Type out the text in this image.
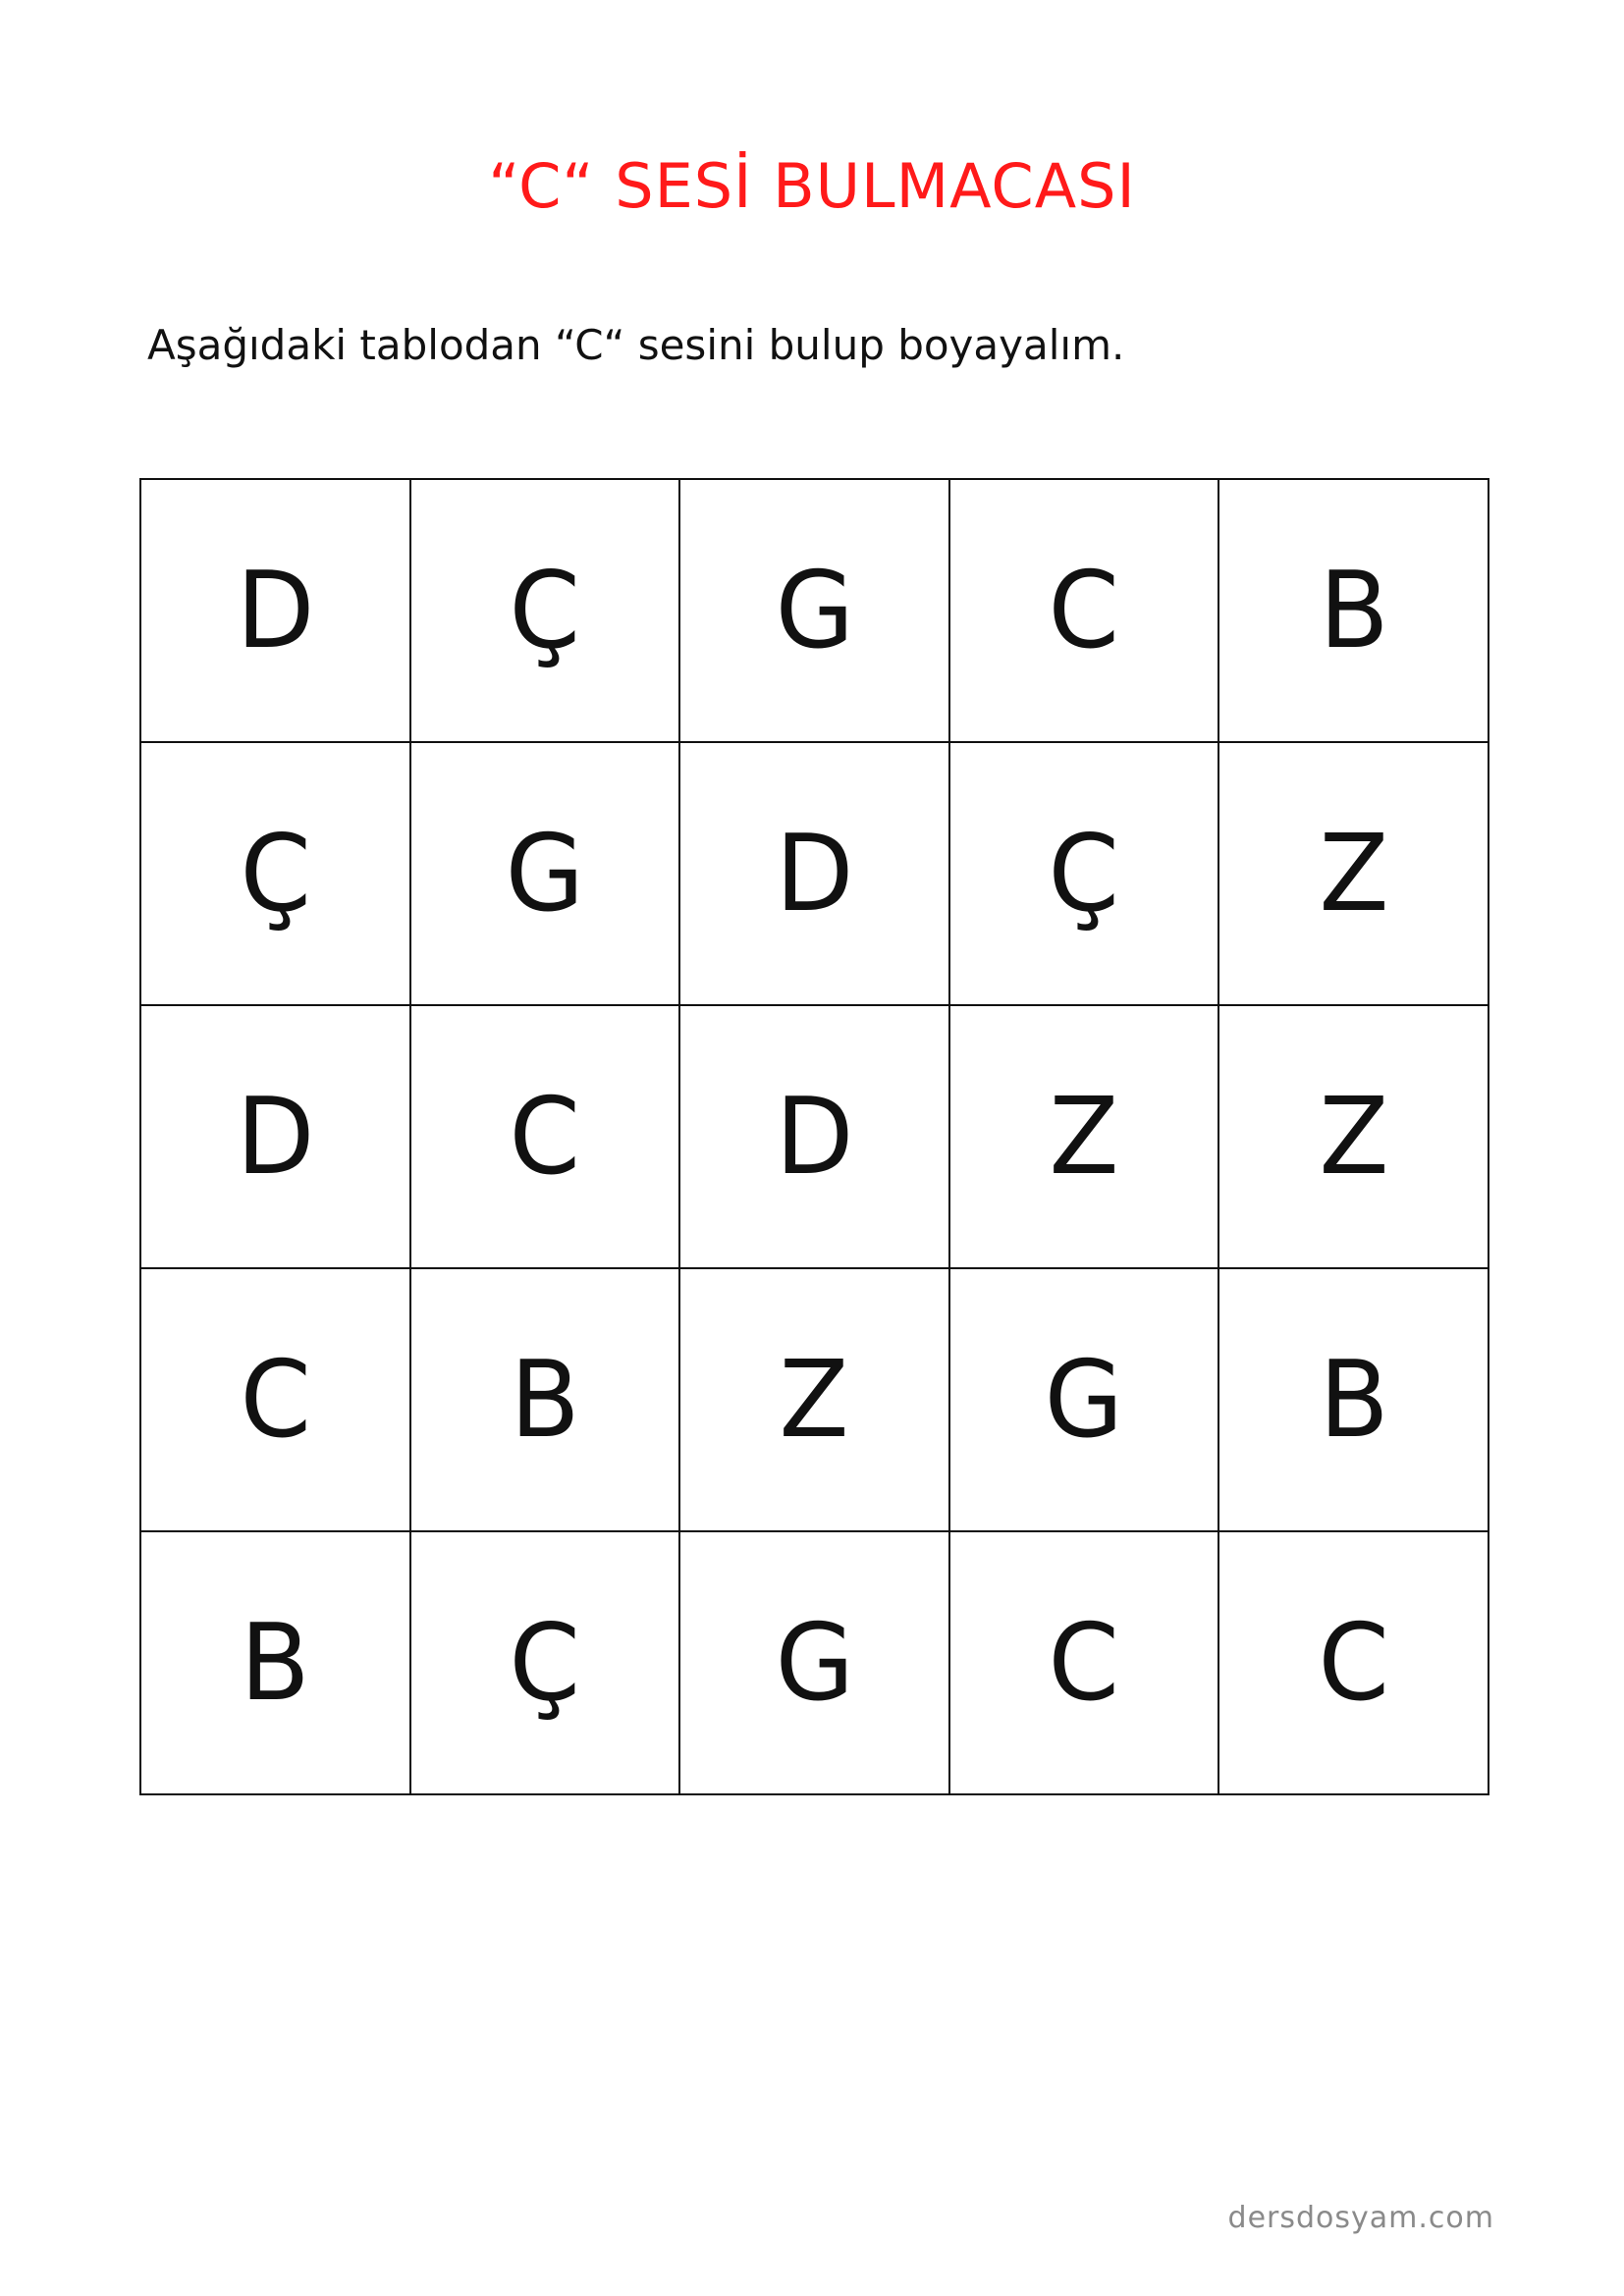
“C“ SESİ BULMACASI
Aşağıdaki tablodan “C“ sesini bulup boyayalım.
D	Ç	G	C	B
Ç	G	D	Ç	Z
D	C	D	Z	Z
C	B	Z	G	B
B	Ç	G	C	C
dersdosyam.com
